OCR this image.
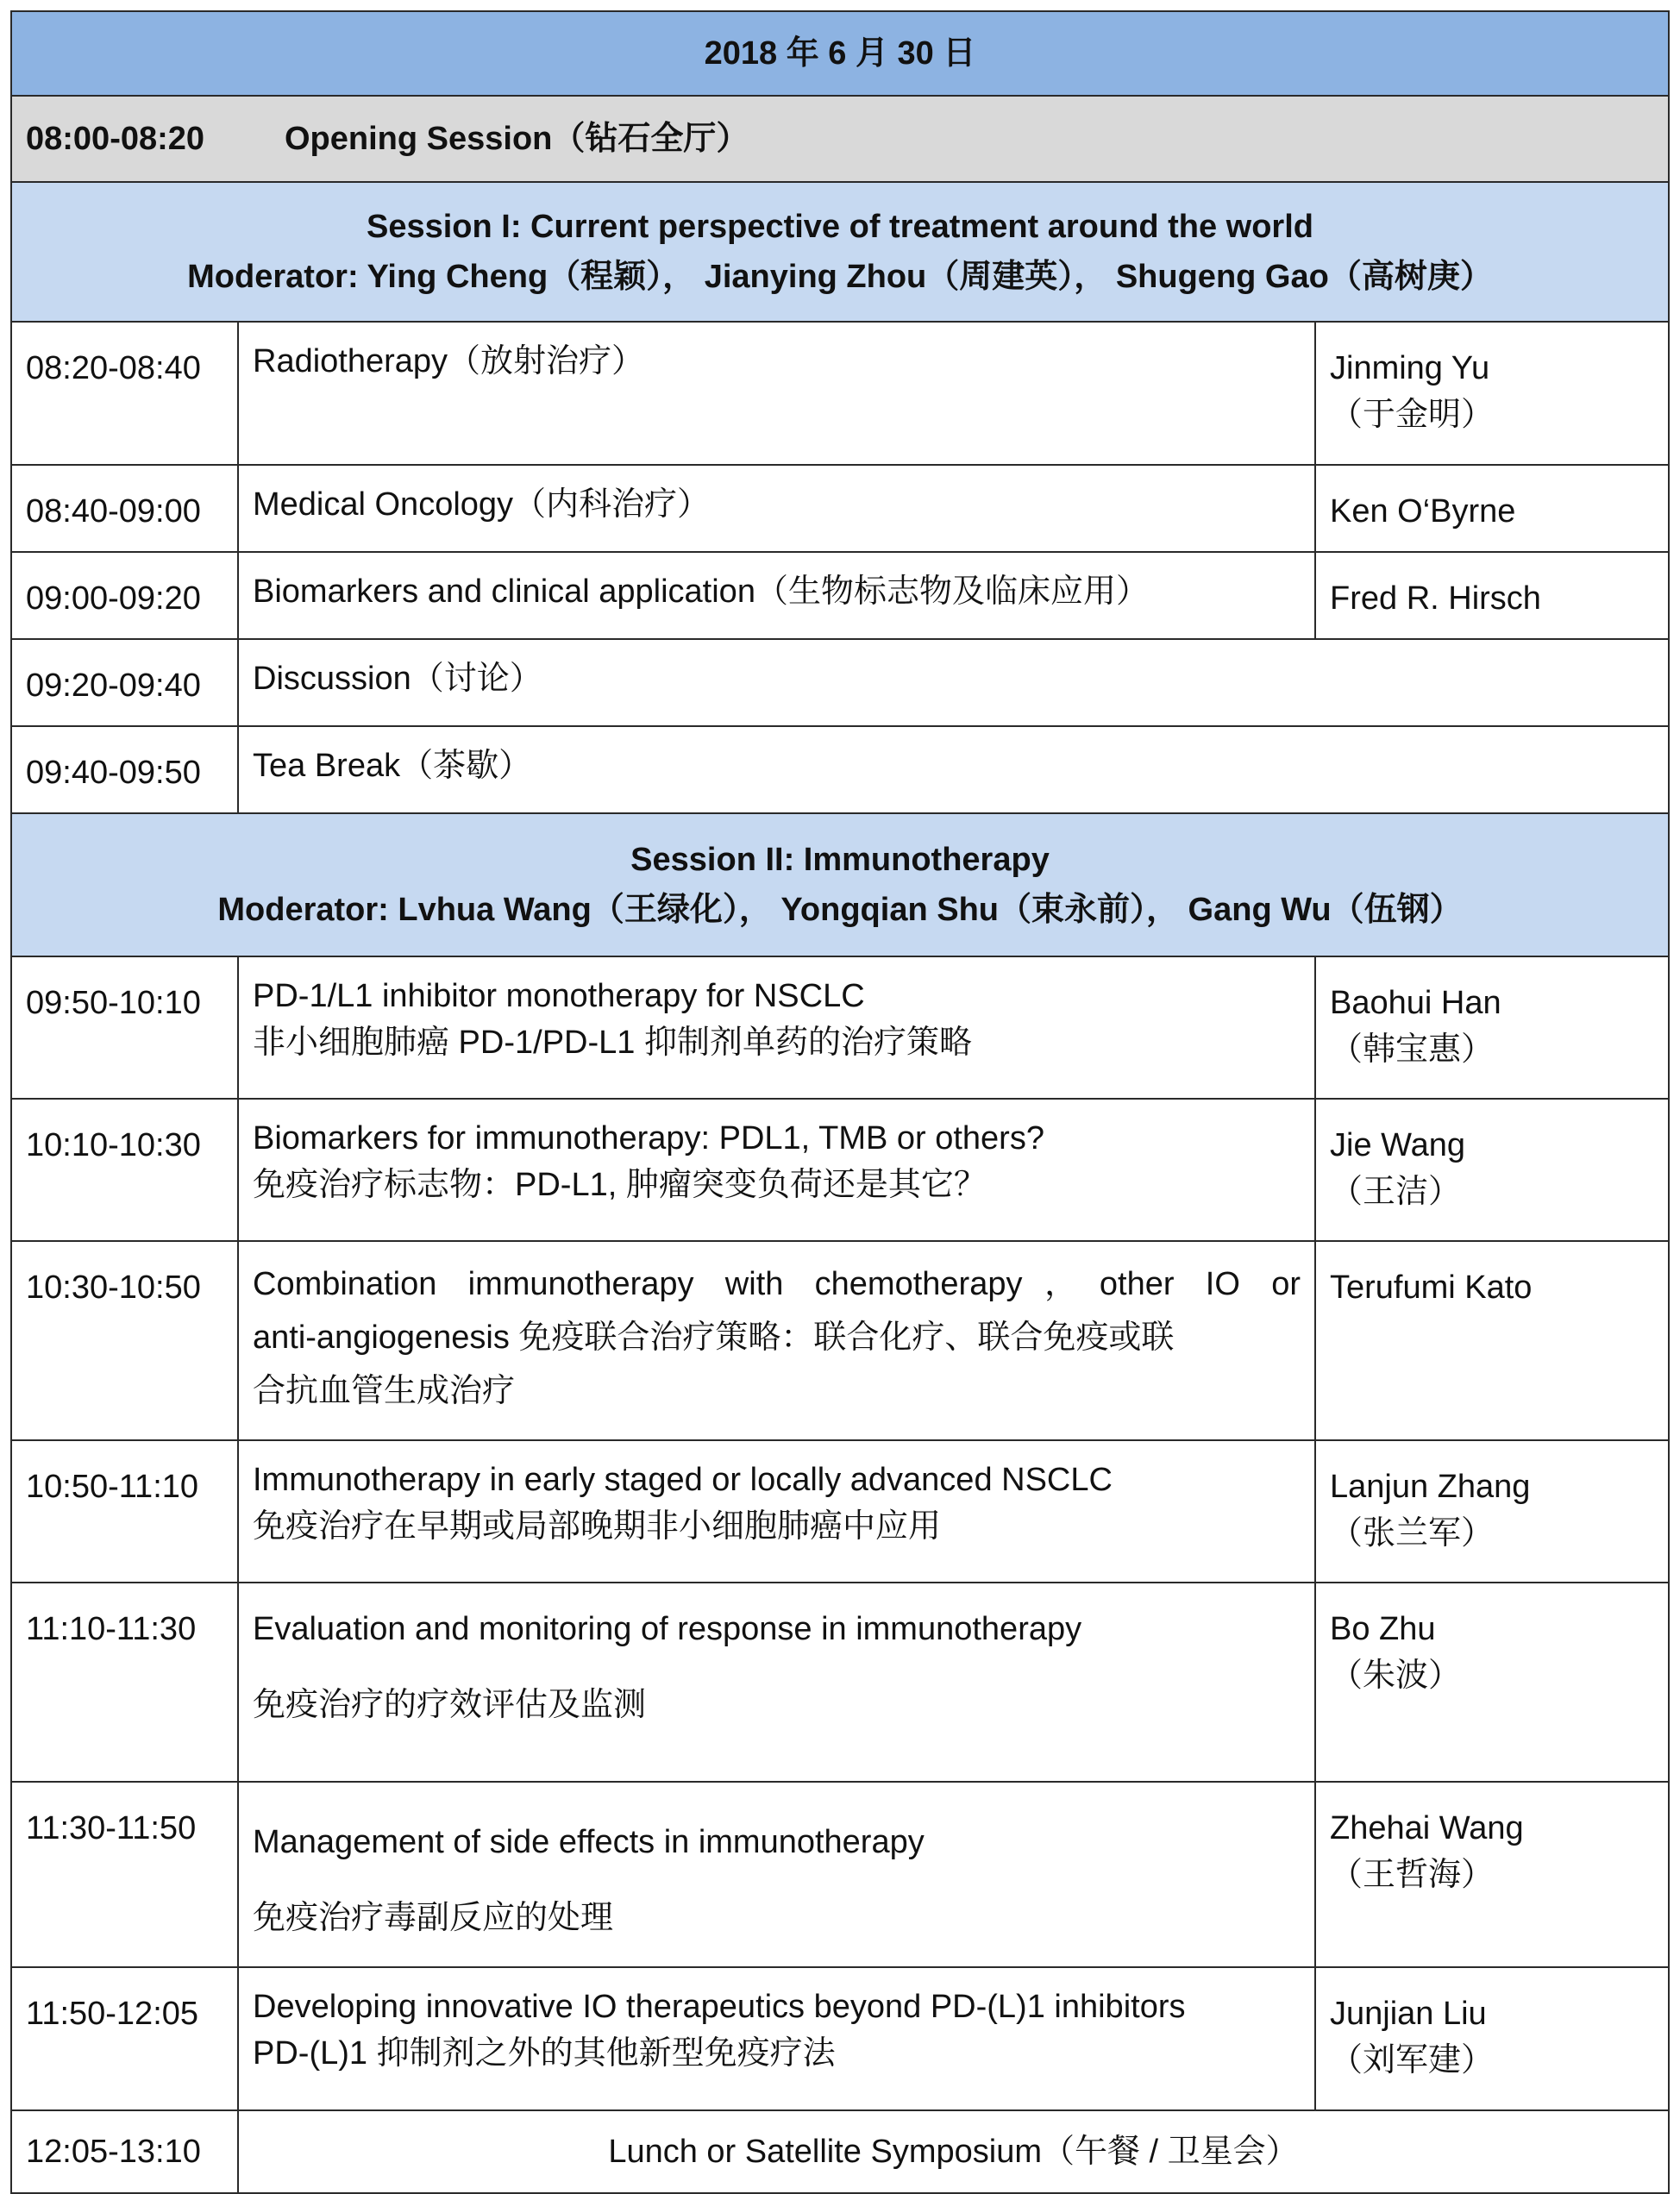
2018 年 6 月 30 日		
08:00-08:20 Opening Session（钻石全厅）		

Session I: Current perspective of treatment around the world
Moderator: Ying Cheng（程颖）， Jianying Zhou（周建英）， Shugeng Gao（高树庚）		

08:20-08:40	Radiotherapy（放射治疗）	Jinming Yu
（于金明）

08:40-09:00	Medical Oncology（内科治疗）	Ken O‘Byrne

09:00-09:20	Biomarkers and clinical application（生物标志物及临床应用）	Fred R. Hirsch

09:20-09:40	Discussion（讨论）	
09:40-09:50	Tea Break（茶歇）	

Session II: Immunotherapy
Moderator: Lvhua Wang（王绿化）， Yongqian Shu（束永前）， Gang Wu（伍钢）		

09:50-10:10	PD-1/L1 inhibitor monotherapy for NSCLC
非小细胞肺癌 PD-1/PD-L1 抑制剂单药的治疗策略	Baohui Han
（韩宝惠）

10:10-10:30	Biomarkers for immunotherapy: PDL1, TMB or others?
免疫治疗标志物：PD-L1, 肿瘤突变负荷还是其它？	Jie Wang
（王洁）

10:30-10:50	Combination immunotherapy with chemotherapy，other IO or
anti-angiogenesis 免疫联合治疗策略：联合化疗、联合免疫或联
合抗血管生成治疗	Terufumi Kato

10:50-11:10	Immunotherapy in early staged or locally advanced NSCLC
免疫治疗在早期或局部晚期非小细胞肺癌中应用	Lanjun Zhang
（张兰军）

11:10-11:30	Evaluation and monitoring of response in immunotherapy
免疫治疗的疗效评估及监测	Bo Zhu
（朱波）

11:30-11:50	Management of side effects in immunotherapy
免疫治疗毒副反应的处理	Zhehai Wang
（王哲海）

11:50-12:05	Developing innovative IO therapeutics beyond PD-(L)1 inhibitors
PD-(L)1 抑制剂之外的其他新型免疫疗法	Junjian Liu
（刘军建）

12:05-13:10	Lunch or Satellite Symposium（午餐 / 卫星会）	
